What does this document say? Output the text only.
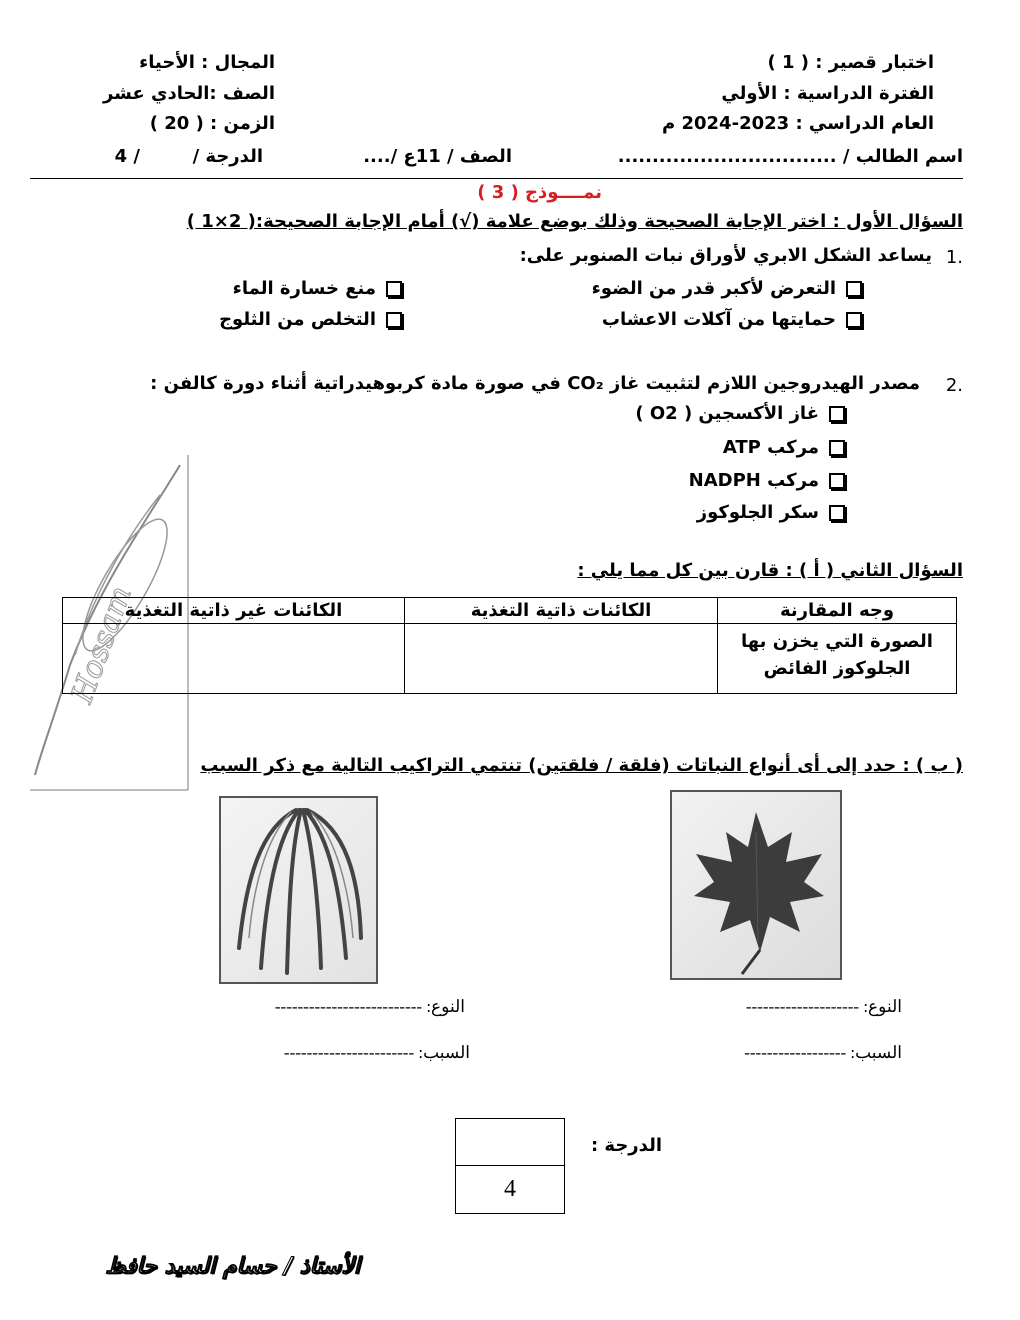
اختبار قصير : ( 1 )
الفترة الدراسية : الأولي
العام الدراسي : 2023-2024 م
المجال : الأحياء
الصف :الحادي عشر
الزمن : ( 20 )
اسم الطالب / ................................
الصف / 11ع /....
الدرجة /
/ 4
نمــــوذج ( 3 )
السؤال الأول : اختر الإجابة الصحيحة وذلك بوضع علامة (√) أمام الإجابة الصحيحة:( 2×1 )
.1
يساعد الشكل الابري لأوراق نبات الصنوبر على:
التعرض لأكبر قدر من الضوء
منع خسارة الماء
حمايتها من آكلات الاعشاب
التخلص من الثلوج
.2
مصدر الهيدروجين اللازم لتثبيت غاز CO₂ في صورة مادة كربوهيدراتية أثناء دورة كالفن :
غاز الأكسجين ( O2 )
مركب ATP
مركب NADPH
سكر الجلوكوز
Hossam
السؤال الثاني ( أ ) : قارن بين كل مما يلي :
وجه المقارنة	الكائنات ذاتية التغذية	الكائنات غير ذاتية التغذية
الصورة التي يخزن بها الجلوكوز الفائض		
( ب ) : حدد إلى أى أنواع النباتات (فلقة / فلقتين) تنتمي التراكيب التالية مع ذكر السبب
النوع: --------------------
السبب: ------------------
النوع: --------------------------
السبب: -----------------------
الدرجة :
4
الأستاذ / حسام السيد حافظ
